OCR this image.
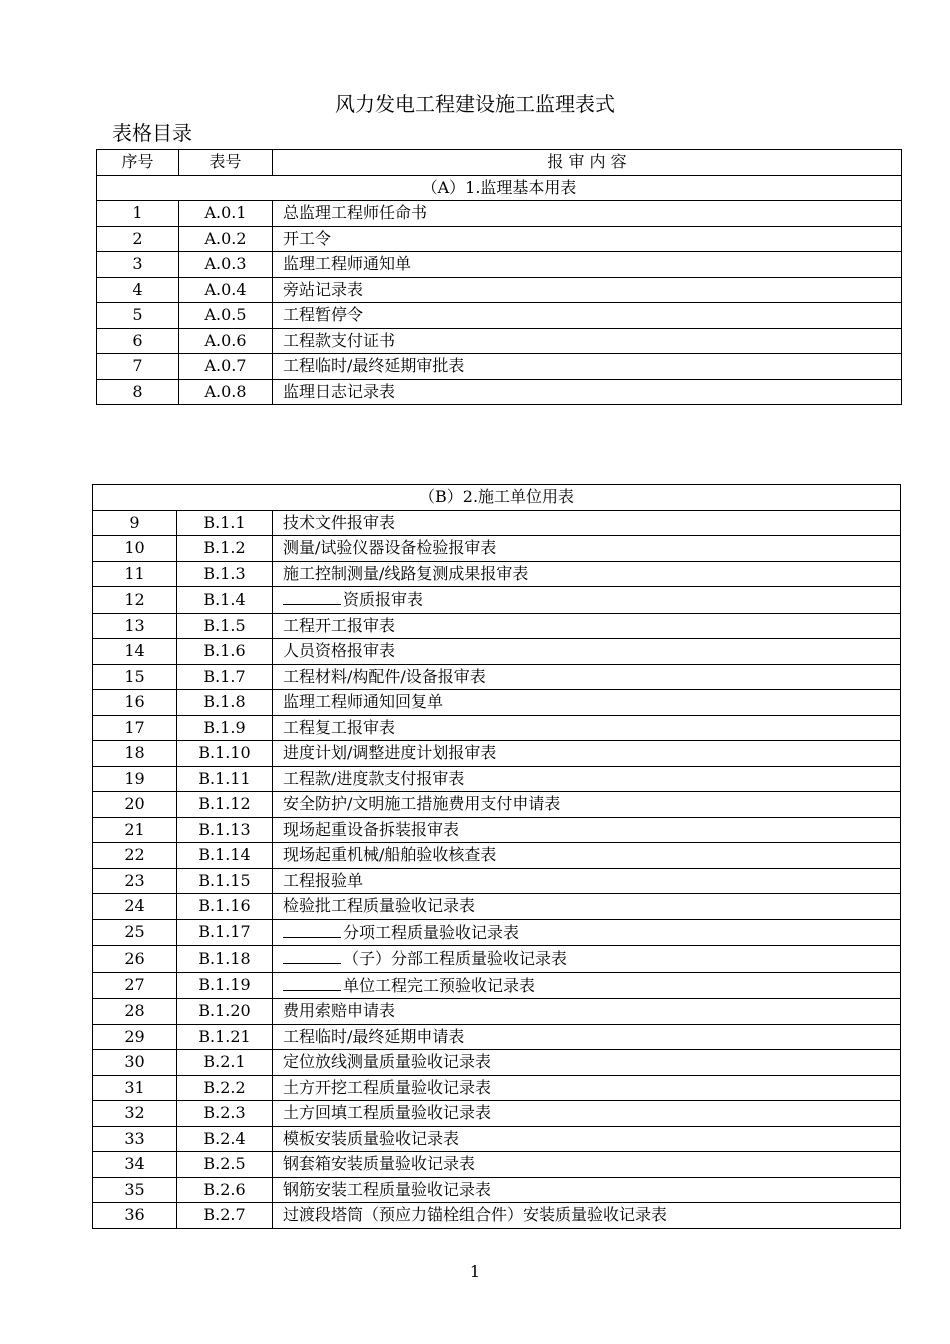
风力发电工程建设施工监理表式
表格目录
序号	表号	报 审 内 容
（A）1.监理基本用表		
1	A.0.1	总监理工程师任命书
2	A.0.2	开工令
3	A.0.3	监理工程师通知单
4	A.0.4	旁站记录表
5	A.0.5	工程暂停令
6	A.0.6	工程款支付证书
7	A.0.7	工程临时/最终延期审批表
8	A.0.8	监理日志记录表
（B）2.施工单位用表		
9	B.1.1	技术文件报审表
10	B.1.2	测量/试验仪器设备检验报审表
11	B.1.3	施工控制测量/线路复测成果报审表
12	B.1.4	资质报审表
13	B.1.5	工程开工报审表
14	B.1.6	人员资格报审表
15	B.1.7	工程材料/构配件/设备报审表
16	B.1.8	监理工程师通知回复单
17	B.1.9	工程复工报审表
18	B.1.10	进度计划/调整进度计划报审表
19	B.1.11	工程款/进度款支付报审表
20	B.1.12	安全防护/文明施工措施费用支付申请表
21	B.1.13	现场起重设备拆装报审表
22	B.1.14	现场起重机械/船舶验收核查表
23	B.1.15	工程报验单
24	B.1.16	检验批工程质量验收记录表
25	B.1.17	分项工程质量验收记录表
26	B.1.18	（子）分部工程质量验收记录表
27	B.1.19	单位工程完工预验收记录表
28	B.1.20	费用索赔申请表
29	B.1.21	工程临时/最终延期申请表
30	B.2.1	定位放线测量质量验收记录表
31	B.2.2	土方开挖工程质量验收记录表
32	B.2.3	土方回填工程质量验收记录表
33	B.2.4	模板安装质量验收记录表
34	B.2.5	钢套箱安装质量验收记录表
35	B.2.6	钢筋安装工程质量验收记录表
36	B.2.7	过渡段塔筒（预应力锚栓组合件）安装质量验收记录表
1
